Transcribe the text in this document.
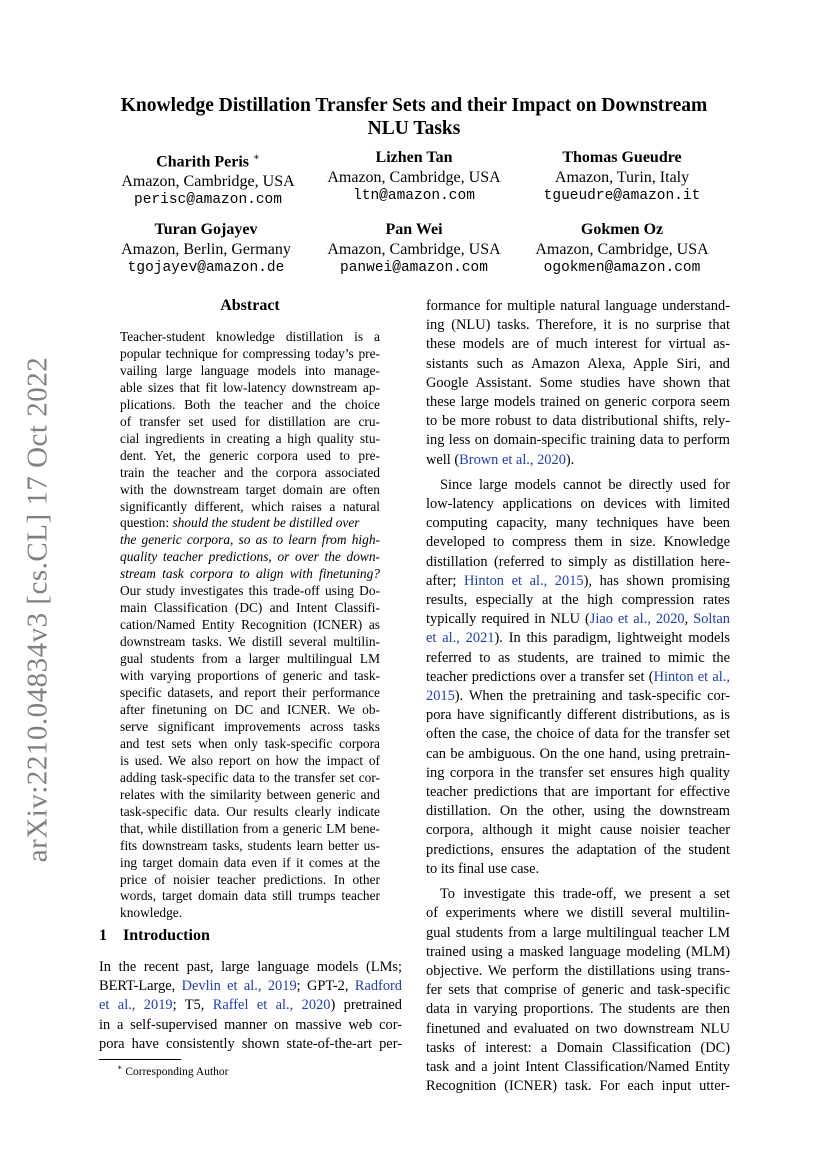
arXiv:2210.04834v3 [cs.CL] 17 Oct 2022
Knowledge Distillation Transfer Sets and their Impact on Downstream
NLU Tasks
Charith Peris ∗
Amazon, Cambridge, USA
perisc@amazon.com
Lizhen Tan
Amazon, Cambridge, USA
ltn@amazon.com
Thomas Gueudre
Amazon, Turin, Italy
tgueudre@amazon.it
Turan Gojayev
Amazon, Berlin, Germany
tgojayev@amazon.de
Pan Wei
Amazon, Cambridge, USA
panwei@amazon.com
Gokmen Oz
Amazon, Cambridge, USA
ogokmen@amazon.com
Abstract
Teacher-student knowledge distillation is a
popular technique for compressing today’s pre-
vailing large language models into manage-
able sizes that fit low-latency downstream ap-
plications. Both the teacher and the choice
of transfer set used for distillation are cru-
cial ingredients in creating a high quality stu-
dent. Yet, the generic corpora used to pre-
train the teacher and the corpora associated
with the downstream target domain are often
significantly different, which raises a natural
question: should the student be distilled over
the generic corpora, so as to learn from high-
quality teacher predictions, or over the down-
stream task corpora to align with finetuning?
Our study investigates this trade-off using Do-
main Classification (DC) and Intent Classifi-
cation/Named Entity Recognition (ICNER) as
downstream tasks. We distill several multilin-
gual students from a larger multilingual LM
with varying proportions of generic and task-
specific datasets, and report their performance
after finetuning on DC and ICNER. We ob-
serve significant improvements across tasks
and test sets when only task-specific corpora
is used. We also report on how the impact of
adding task-specific data to the transfer set cor-
relates with the similarity between generic and
task-specific data. Our results clearly indicate
that, while distillation from a generic LM bene-
fits downstream tasks, students learn better us-
ing target domain data even if it comes at the
price of noisier teacher predictions. In other
words, target domain data still trumps teacher
knowledge.
1 Introduction
In the recent past, large language models (LMs;
BERT-Large, Devlin et al., 2019; GPT-2, Radford
et al., 2019; T5, Raffel et al., 2020) pretrained
in a self-supervised manner on massive web cor-
pora have consistently shown state-of-the-art per-
∗ Corresponding Author
formance for multiple natural language understand-
ing (NLU) tasks. Therefore, it is no surprise that
these models are of much interest for virtual as-
sistants such as Amazon Alexa, Apple Siri, and
Google Assistant. Some studies have shown that
these large models trained on generic corpora seem
to be more robust to data distributional shifts, rely-
ing less on domain-specific training data to perform
well (Brown et al., 2020).
Since large models cannot be directly used for
low-latency applications on devices with limited
computing capacity, many techniques have been
developed to compress them in size. Knowledge
distillation (referred to simply as distillation here-
after; Hinton et al., 2015), has shown promising
results, especially at the high compression rates
typically required in NLU (Jiao et al., 2020, Soltan
et al., 2021). In this paradigm, lightweight models
referred to as students, are trained to mimic the
teacher predictions over a transfer set (Hinton et al.,
2015). When the pretraining and task-specific cor-
pora have significantly different distributions, as is
often the case, the choice of data for the transfer set
can be ambiguous. On the one hand, using pretrain-
ing corpora in the transfer set ensures high quality
teacher predictions that are important for effective
distillation. On the other, using the downstream
corpora, although it might cause noisier teacher
predictions, ensures the adaptation of the student
to its final use case.
To investigate this trade-off, we present a set
of experiments where we distill several multilin-
gual students from a large multilingual teacher LM
trained using a masked language modeling (MLM)
objective. We perform the distillations using trans-
fer sets that comprise of generic and task-specific
data in varying proportions. The students are then
finetuned and evaluated on two downstream NLU
tasks of interest: a Domain Classification (DC)
task and a joint Intent Classification/Named Entity
Recognition (ICNER) task. For each input utter-
